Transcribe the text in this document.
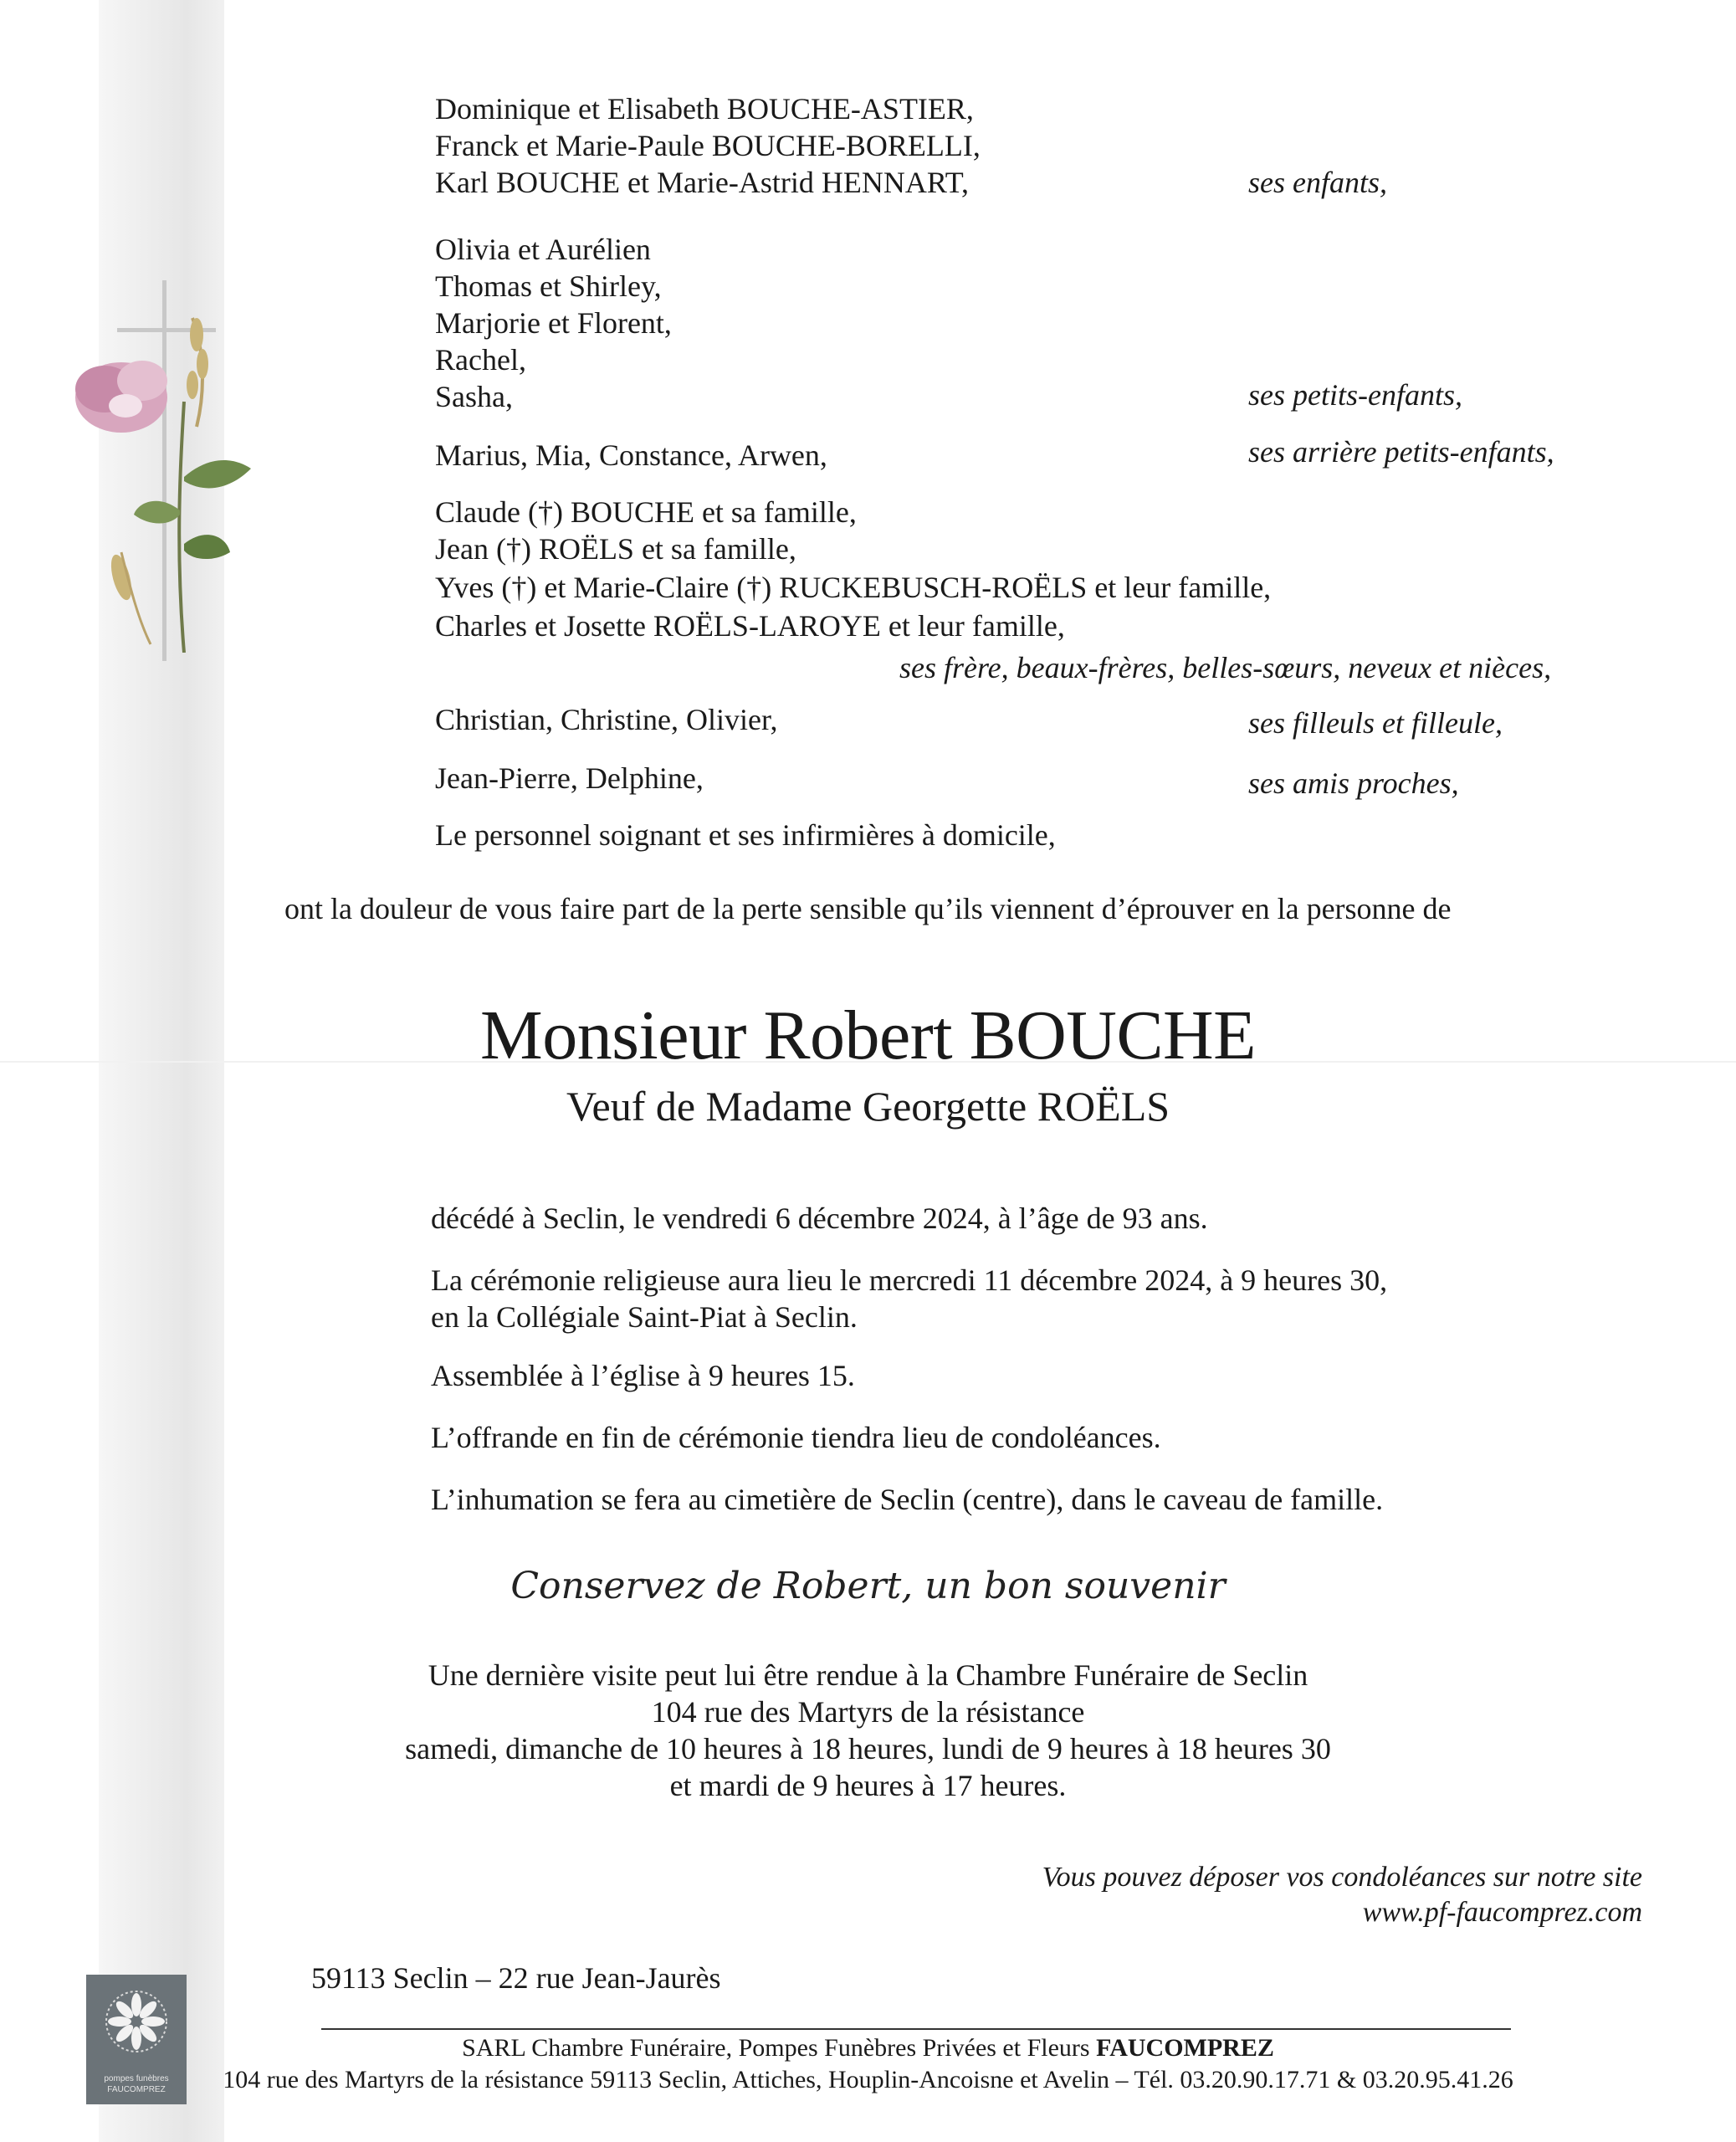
Dominique et Elisabeth BOUCHE-ASTIER,
Franck et Marie-Paule BOUCHE-BORELLI,
Karl BOUCHE et Marie-Astrid HENNART,	ses enfants,
Olivia et Aurélien
Thomas et Shirley,
Marjorie et Florent,
Rachel,
Sasha,	ses petits-enfants,
Marius, Mia, Constance, Arwen,	ses arrière petits-enfants,
Claude (†) BOUCHE et sa famille,
Jean (†) ROËLS et sa famille,
Yves (†) et Marie-Claire (†) RUCKEBUSCH-ROËLS et leur famille,
Charles et Josette ROËLS-LAROYE et leur famille,
ses frère, beaux-frères, belles-sœurs, neveux et nièces,
Christian, Christine, Olivier,	ses filleuls et filleule,
Jean-Pierre, Delphine,	ses amis proches,
Le personnel soignant et ses infirmières à domicile,
ont la douleur de vous faire part de la perte sensible qu’ils viennent d’éprouver en la personne de
Monsieur Robert BOUCHE
Veuf de Madame Georgette ROËLS
décédé à Seclin, le vendredi 6 décembre 2024, à l’âge de 93 ans.
La cérémonie religieuse aura lieu le mercredi 11 décembre 2024, à 9 heures 30,
en la Collégiale Saint-Piat à Seclin.
Assemblée à l’église à 9 heures 15.
L’offrande en fin de cérémonie tiendra lieu de condoléances.
L’inhumation se fera au cimetière de Seclin (centre), dans le caveau de famille.
Conservez de Robert, un bon souvenir
Une dernière visite peut lui être rendue à la Chambre Funéraire de Seclin
104 rue des Martyrs de la résistance
samedi, dimanche de 10 heures à 18 heures, lundi de 9 heures à 18 heures 30
et mardi de 9 heures à 17 heures.
Vous pouvez déposer vos condoléances sur notre site
www.pf-faucomprez.com
59113 Seclin – 22 rue Jean-Jaurès
pompes funèbres
FAUCOMPREZ
SARL Chambre Funéraire, Pompes Funèbres Privées et Fleurs FAUCOMPREZ
104 rue des Martyrs de la résistance 59113 Seclin, Attiches, Houplin-Ancoisne et Avelin – Tél. 03.20.90.17.71 & 03.20.95.41.26
